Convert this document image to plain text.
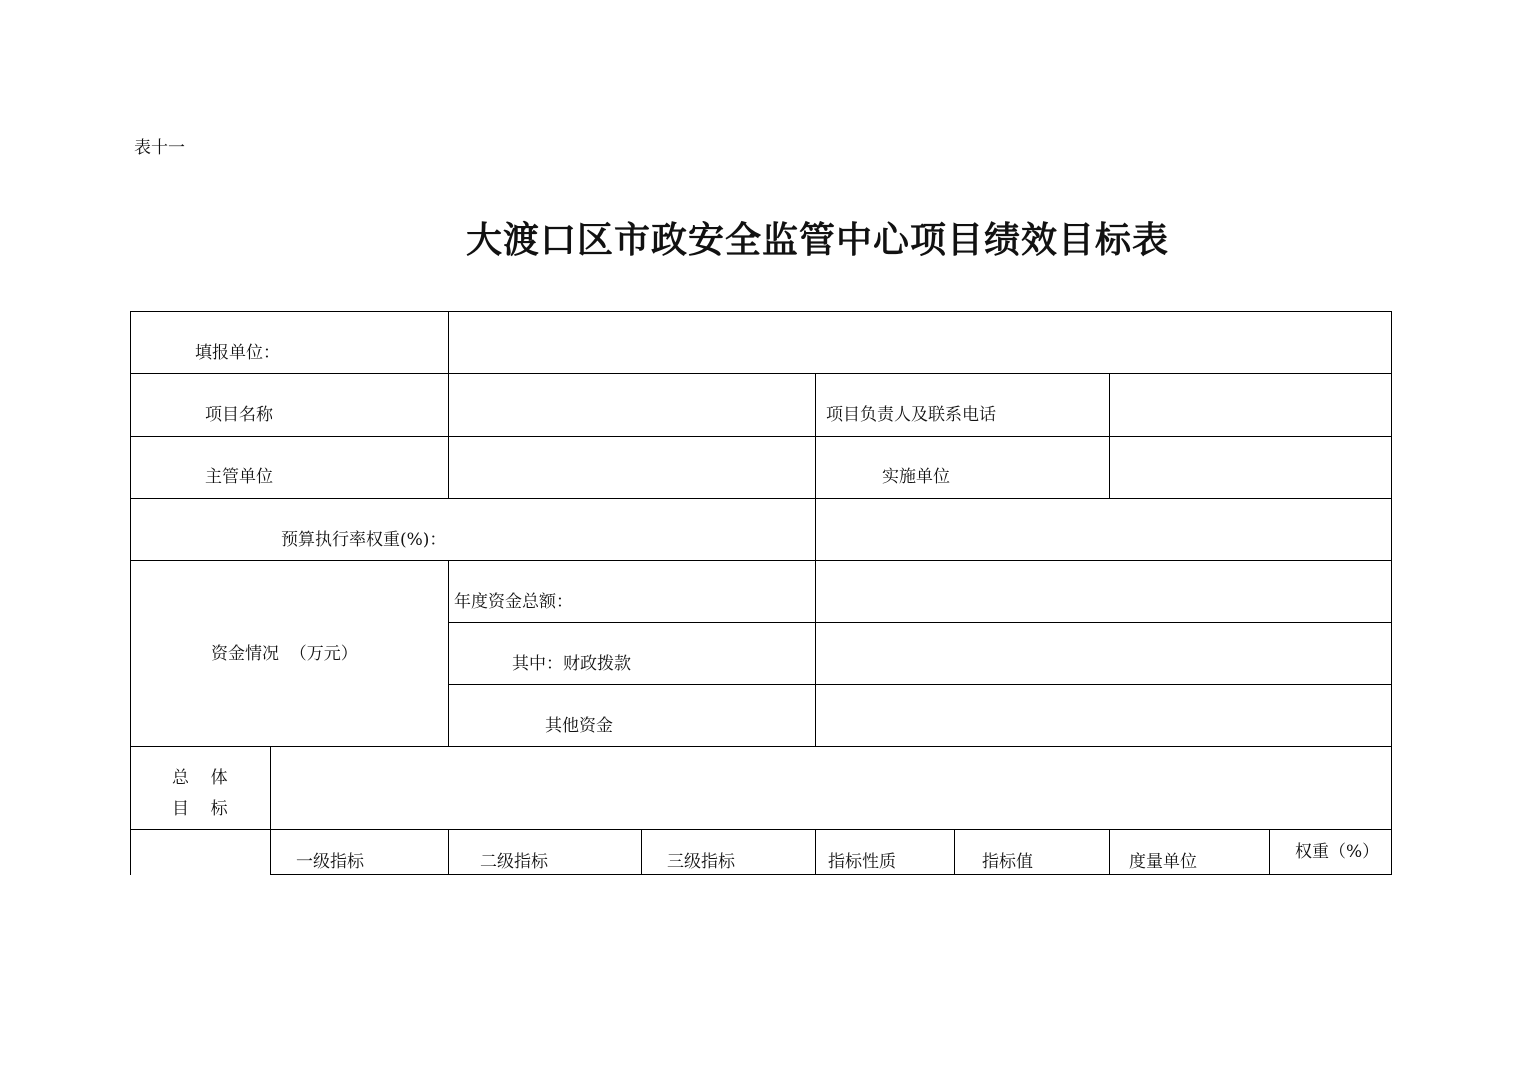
表十一
大渡口区市政安全监管中心项目绩效目标表
填报单位：
项目名称	项目负责人及联系电话
主管单位	实施单位
预算执行率权重(%)：
资金情况  （万元）
年度资金总额：
其中：财政拨款
其他资金
总    体
目    标
一级指标	二级指标	三级指标	指标性质	指标值	度量单位	权重（%）
